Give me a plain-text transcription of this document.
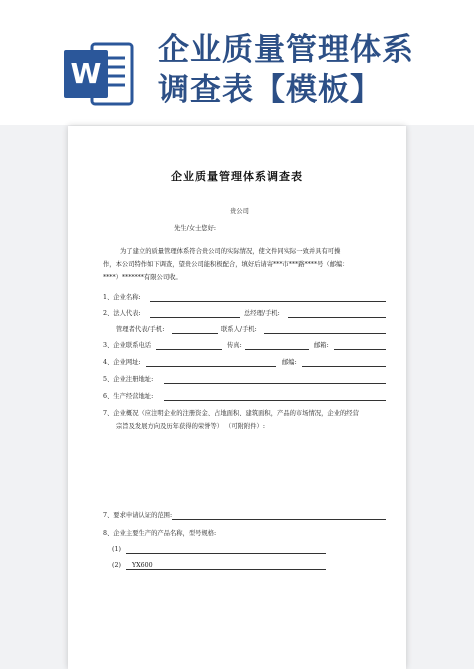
W
企业质量管理体系
调查表【模板】
企业质量管理体系调查表
贵公司
先生/女士您好:
为了建立的质量管理体系符合贵公司的实际情况，使文件同实际一致并具有可操
作，本公司特作如下调查，望贵公司能积极配合，填好后请寄***市***路****号（邮编：
****）*******有限公司收。
1、企业名称:
2、法人代表:	总经理/手机:
管理者代表/手机:	联系人/手机:
3、企业联系电话	传真:	邮箱:
4、企业网址:	邮编:
5、企业注册地址:
6、生产经营地址:
7、企业概况（应注明企业的注册资金、占地面积、建筑面积，产品的市场情况，企业的经营
宗旨及发展方向及历年获得的荣誉等） （可附附件）:
7、要求申请认证的范围:
8、企业主要生产的产品名称，型号规格:
(1)
(2) YX600
